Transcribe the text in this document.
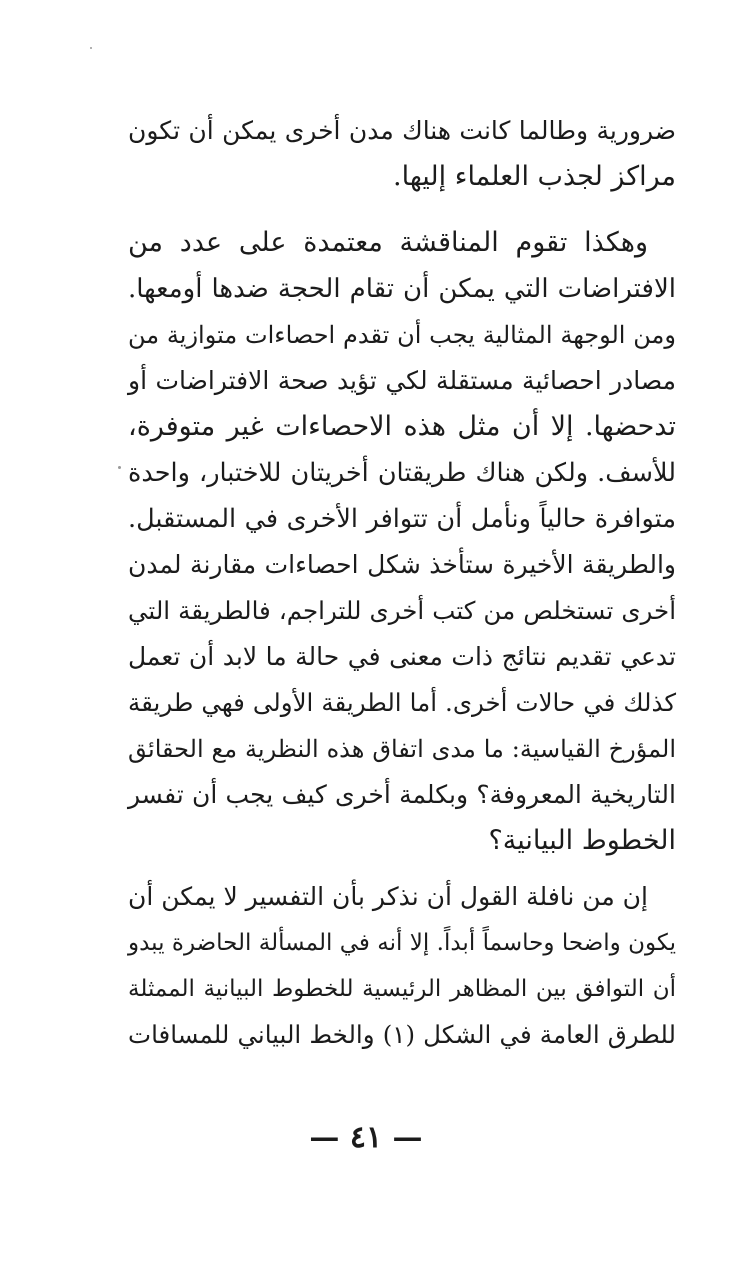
ضرورية وطالما كانت هناك مدن أخرى يمكن أن تكون
مراكز لجذب العلماء إليها.
وهكذا تقوم المناقشة معتمدة على عدد من
الافتراضات التي يمكن أن تقام الحجة ضدها أومعها.
ومن الوجهة المثالية يجب أن تقدم احصاءات متوازية من
مصادر احصائية مستقلة لكي تؤيد صحة الافتراضات أو
تدحضها. إلا أن مثل هذه الاحصاءات غير متوفرة،
للأسف. ولكن هناك طريقتان أخريتان للاختبار، واحدة
متوافرة حالياً ونأمل أن تتوافر الأخرى في المستقبل.
والطريقة الأخيرة ستأخذ شكل احصاءات مقارنة لمدن
أخرى تستخلص من كتب أخرى للتراجم، فالطريقة التي
تدعي تقديم نتائج ذات معنى في حالة ما لابد أن تعمل
كذلك في حالات أخرى. أما الطريقة الأولى فهي طريقة
المؤرخ القياسية: ما مدى اتفاق هذه النظرية مع الحقائق
التاريخية المعروفة؟ وبكلمة أخرى كيف يجب أن تفسر
الخطوط البيانية؟
إن من نافلة القول أن نذكر بأن التفسير لا يمكن أن
يكون واضحا وحاسماً أبداً. إلا أنه في المسألة الحاضرة يبدو
أن التوافق بين المظاهر الرئيسية للخطوط البيانية الممثلة
للطرق العامة في الشكل (١) والخط البياني للمسافات
— ٤١ —
